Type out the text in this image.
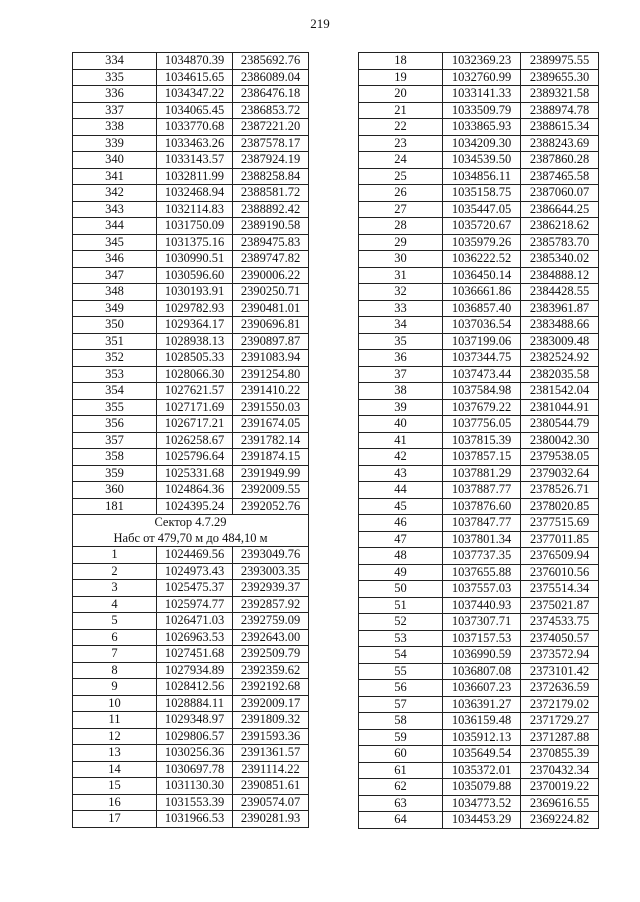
219
334	1034870.39	2385692.76
335	1034615.65	2386089.04
336	1034347.22	2386476.18
337	1034065.45	2386853.72
338	1033770.68	2387221.20
339	1033463.26	2387578.17
340	1033143.57	2387924.19
341	1032811.99	2388258.84
342	1032468.94	2388581.72
343	1032114.83	2388892.42
344	1031750.09	2389190.58
345	1031375.16	2389475.83
346	1030990.51	2389747.82
347	1030596.60	2390006.22
348	1030193.91	2390250.71
349	1029782.93	2390481.01
350	1029364.17	2390696.81
351	1028938.13	2390897.87
352	1028505.33	2391083.94
353	1028066.30	2391254.80
354	1027621.57	2391410.22
355	1027171.69	2391550.03
356	1026717.21	2391674.05
357	1026258.67	2391782.14
358	1025796.64	2391874.15
359	1025331.68	2391949.99
360	1024864.36	2392009.55
181	1024395.24	2392052.76

Сектор 4.7.29
Набс от 479,70 м до 484,10 м		

1	1024469.56	2393049.76
2	1024973.43	2393003.35
3	1025475.37	2392939.37
4	1025974.77	2392857.92
5	1026471.03	2392759.09
6	1026963.53	2392643.00
7	1027451.68	2392509.79
8	1027934.89	2392359.62
9	1028412.56	2392192.68
10	1028884.11	2392009.17
11	1029348.97	2391809.32
12	1029806.57	2391593.36
13	1030256.36	2391361.57
14	1030697.78	2391114.22
15	1031130.30	2390851.61
16	1031553.39	2390574.07
17	1031966.53	2390281.93
18	1032369.23	2389975.55
19	1032760.99	2389655.30
20	1033141.33	2389321.58
21	1033509.79	2388974.78
22	1033865.93	2388615.34
23	1034209.30	2388243.69
24	1034539.50	2387860.28
25	1034856.11	2387465.58
26	1035158.75	2387060.07
27	1035447.05	2386644.25
28	1035720.67	2386218.62
29	1035979.26	2385783.70
30	1036222.52	2385340.02
31	1036450.14	2384888.12
32	1036661.86	2384428.55
33	1036857.40	2383961.87
34	1037036.54	2383488.66
35	1037199.06	2383009.48
36	1037344.75	2382524.92
37	1037473.44	2382035.58
38	1037584.98	2381542.04
39	1037679.22	2381044.91
40	1037756.05	2380544.79
41	1037815.39	2380042.30
42	1037857.15	2379538.05
43	1037881.29	2379032.64
44	1037887.77	2378526.71
45	1037876.60	2378020.85
46	1037847.77	2377515.69
47	1037801.34	2377011.85
48	1037737.35	2376509.94
49	1037655.88	2376010.56
50	1037557.03	2375514.34
51	1037440.93	2375021.87
52	1037307.71	2374533.75
53	1037157.53	2374050.57
54	1036990.59	2373572.94
55	1036807.08	2373101.42
56	1036607.23	2372636.59
57	1036391.27	2372179.02
58	1036159.48	2371729.27
59	1035912.13	2371287.88
60	1035649.54	2370855.39
61	1035372.01	2370432.34
62	1035079.88	2370019.22
63	1034773.52	2369616.55
64	1034453.29	2369224.82
